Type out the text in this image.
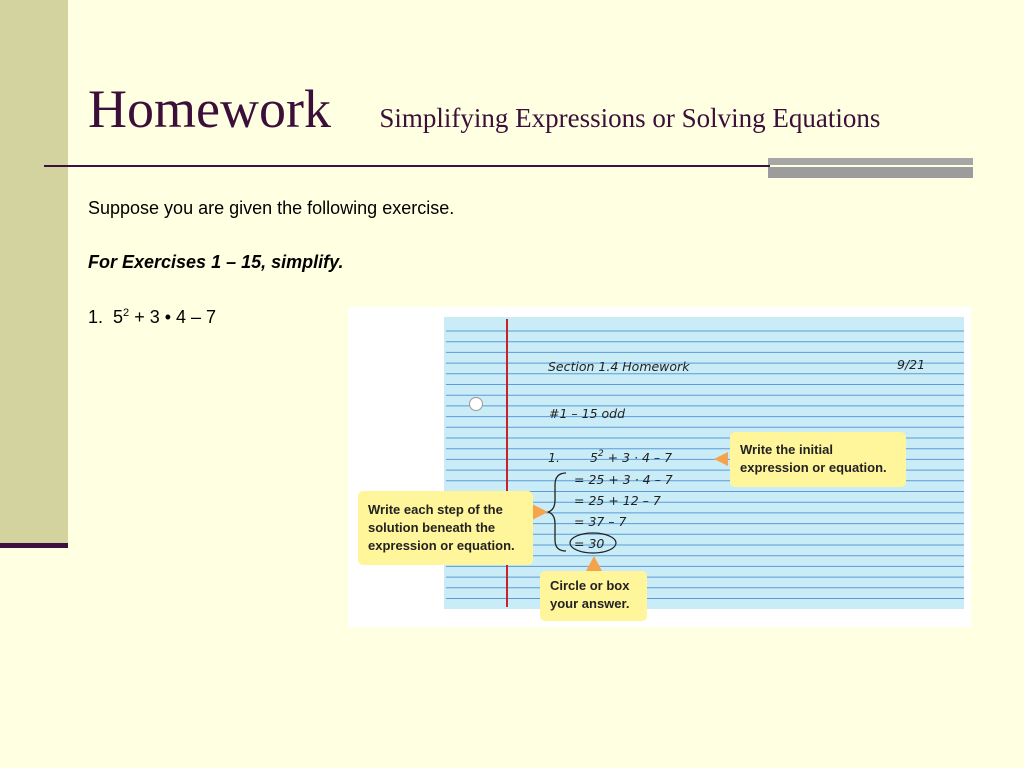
Homework Simplifying Expressions or Solving Equations
Suppose you are given the following exercise.
For Exercises 1 – 15, simplify.
1. $5^2 + 3$ • 4 – 7
Section 1.4 Homework	9/21
#1 – 15 odd
1. $5^2 + 3 \cdot 4 - 7$
= 25 + 3 · 4 – 7
= 25 + 12 – 7
= 37 – 7
= 30
Write the initial
expression or equation.
Write each step of the
solution beneath the
expression or equation.
Circle or box
your answer.
